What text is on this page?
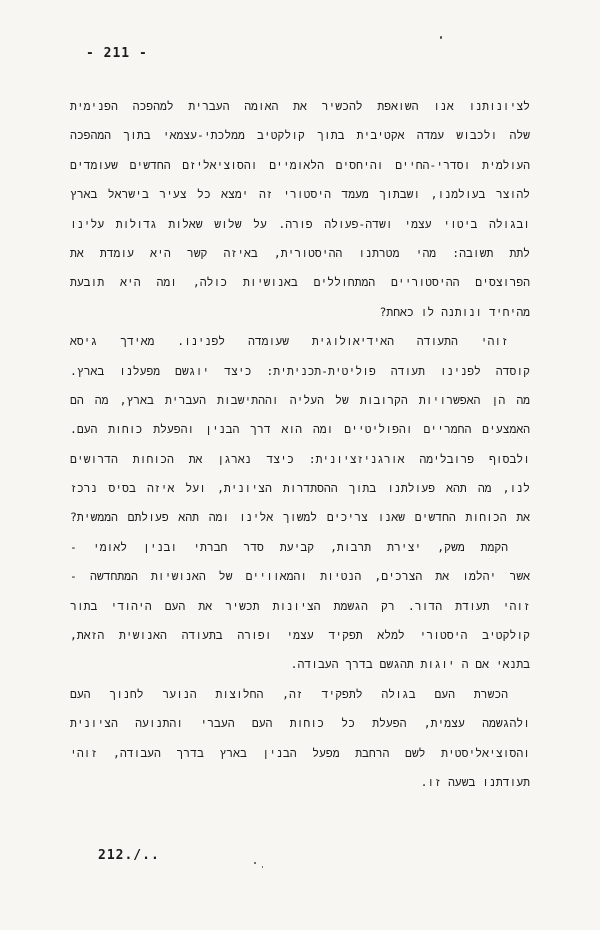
- 211 -
לציונותנו אנו השואפת להכשיר את האומה העברית למהפכה הפנימית
שלה ולכבוש עמדה אקטיבית בתוך קולקטיב ממלכתי-עצמאי בתוך המהפכה
העולמית וסדרי-החיים והיחסים הלאומיים והסוציאליזם החדשים שעומדים
להוצר בעולמנו, ושבתוך מעמד היסטורי זה ימצא כל צעיר בישראל בארץ
ובגולה ביטוי עצמי ושדה-פעולה פורה. על שלוש שאלות גדולות עלינו
לתת תשובה: מהי מטרתנו ההיסטורית, באיזה קשר היא עומדת את
הפרוצסים ההיסטוריים המתחוללים באנושיות כולה, ומה היא תובעת
מהיחיד ונותנה לו כאחת?
זוהי התעודה האידיאולוגית שעומדה לפנינו. מאידך גיסא
קוסדה לפנינו תעודה פוליטית-תכניתית: כיצד יוגשם מפעלנו בארץ.
מה הן האפשרויות הקרובות של העליה וההתישבות העברית בארץ, מה הם
האמצעים החמריים והפוליטיים ומה הוא דרך הבנין והפעלת כוחות העם.
ולבסוף פרובלימה אורגניזציונית: כיצד נארגן את הכוחות הדרושים
לנו, מה תהא פעולתנו בתוך ההסתדרות הציונית, ועל איזה בסיס נרכז
את הכוחות החדשים שאנו צריכים למשוך אלינו ומה תהא פעולתם הממשית?
הקמת משק, יצירת תרבות, קביעת סדר חברתי ובנין לאומי -
אשר יהלמו את הצרכים, הנטיות והמאוויים של האנושיות המתחדשה -
זוהי תעודת הדור. רק הגשמת הציונות תכשיר את העם היהודי בתור
קולקטיב היסטורי למלא תפקיד עצמי ופורה בתעודה האנושית הזאת,
בתנאי אם ה יוגות תהגשם בדרך העבודה.
הכשרת העם בגולה לתפקיד זה, החלוצות הנוער לחנוך העם
ולהגשמה עצמית, הפעלת כל כוחות העם העברי והתנועה הציונית
והסוציאליסטית לשם הרחבת מפעל הבנין בארץ בדרך העבודה, זוהי
תעודתנו בשעה זו.
212./..
